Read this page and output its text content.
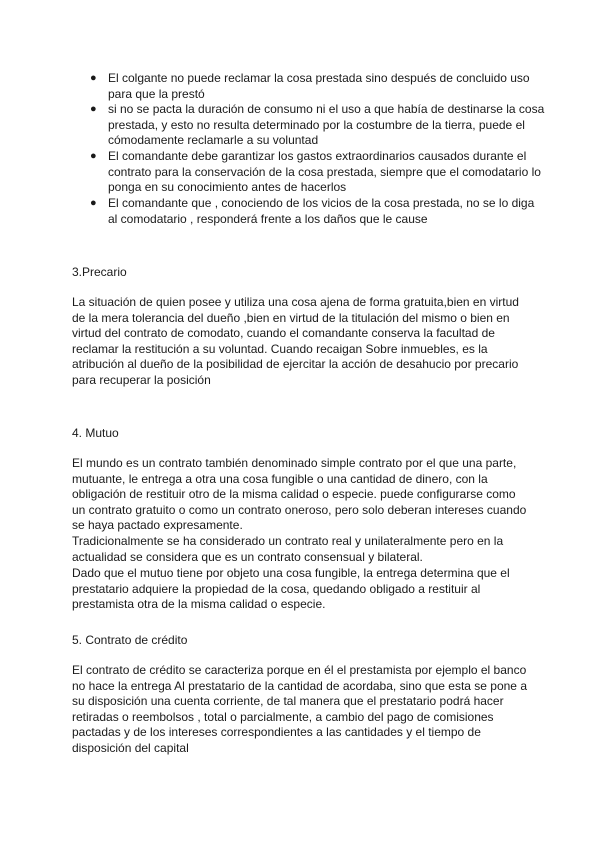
● El colgante no puede reclamar la cosa prestada sino después de concluido uso para que la prestó
● si no se pacta la duración de consumo ni el uso a que había de destinarse la cosa prestada, y esto no resulta determinado por la costumbre de la tierra, puede el cómodamente reclamarle a su voluntad
● El comandante debe garantizar los gastos extraordinarios causados durante el contrato para la conservación de la cosa prestada, siempre que el comodatario lo ponga en su conocimiento antes de hacerlos
● El comandante que , conociendo de los vicios de la cosa prestada, no se lo diga al comodatario , responderá frente a los daños que le cause
3.Precario
La situación de quien posee y utiliza una cosa ajena de forma gratuita,bien en virtud de la mera tolerancia del dueño ,bien en virtud de la titulación del mismo o bien en virtud del contrato de comodato, cuando el comandante conserva la facultad de reclamar la restitución a su voluntad. Cuando recaigan Sobre inmuebles, es la atribución al dueño de la posibilidad de ejercitar la acción de desahucio por precario para recuperar la posición
4. Mutuo
El mundo es un contrato también denominado simple contrato por el que una parte, mutuante, le entrega a otra una cosa fungible o una cantidad de dinero, con la obligación de restituir otro de la misma calidad o especie. puede configurarse como un contrato gratuito o como un contrato oneroso, pero solo deberan intereses cuando se haya pactado expresamente.
Tradicionalmente se ha considerado un contrato real y unilateralmente pero en la actualidad se considera que es un contrato consensual y bilateral.
Dado que el mutuo tiene por objeto una cosa fungible, la entrega determina que el prestatario adquiere la propiedad de la cosa, quedando obligado a restituir al prestamista otra de la misma calidad o especie.
5. Contrato de crédito
El contrato de crédito se caracteriza porque en él el prestamista por ejemplo el banco no hace la entrega Al prestatario de la cantidad de acordaba, sino que esta se pone a su disposición una cuenta corriente, de tal manera que el prestatario podrá hacer retiradas o reembolsos , total o parcialmente, a cambio del pago de comisiones pactadas y de los intereses correspondientes a las cantidades y el tiempo de disposición del capital
